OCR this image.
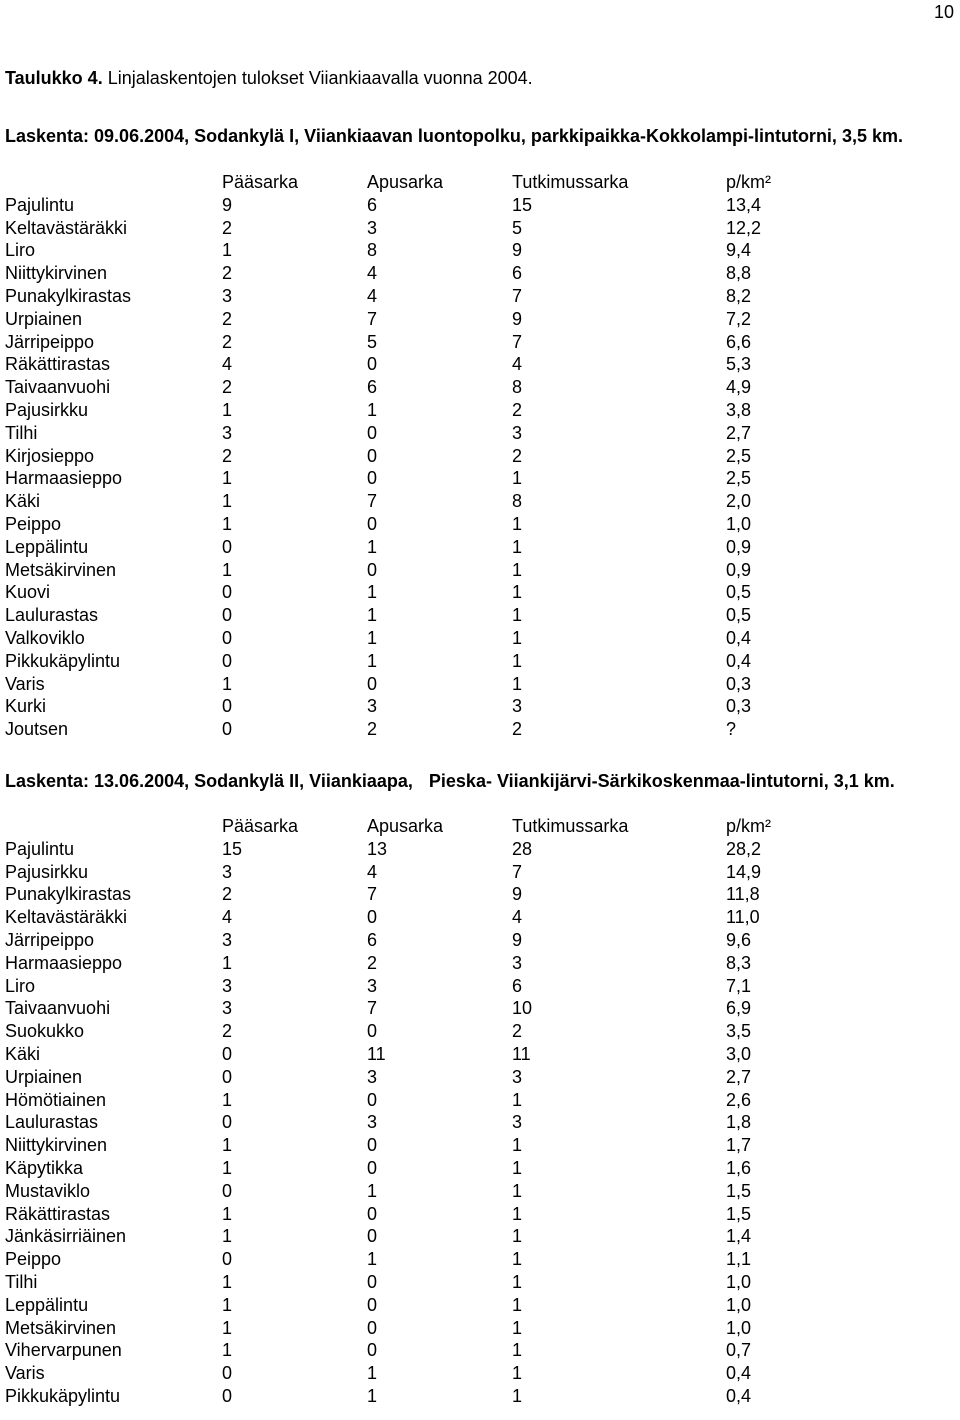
10
Taulukko 4. Linjalaskentojen tulokset Viiankiaavalla vuonna 2004.
Laskenta: 09.06.2004, Sodankylä I, Viiankiaavan luontopolku, parkkipaikka-Kokkolampi-lintutorni, 3,5 km.
	Pääsarka	Apusarka	Tutkimussarka	p/km²
Pajulintu	9	6	15	13,4
Keltavästäräkki	2	3	5	12,2
Liro	1	8	9	9,4
Niittykirvinen	2	4	6	8,8
Punakylkirastas	3	4	7	8,2
Urpiainen	2	7	9	7,2
Järripeippo	2	5	7	6,6
Räkättirastas	4	0	4	5,3
Taivaanvuohi	2	6	8	4,9
Pajusirkku	1	1	2	3,8
Tilhi	3	0	3	2,7
Kirjosieppo	2	0	2	2,5
Harmaasieppo	1	0	1	2,5
Käki	1	7	8	2,0
Peippo	1	0	1	1,0
Leppälintu	0	1	1	0,9
Metsäkirvinen	1	0	1	0,9
Kuovi	0	1	1	0,5
Laulurastas	0	1	1	0,5
Valkoviklo	0	1	1	0,4
Pikkukäpylintu	0	1	1	0,4
Varis	1	0	1	0,3
Kurki	0	3	3	0,3
Joutsen	0	2	2	?
Laskenta: 13.06.2004, Sodankylä II, Viiankiaapa, Pieska- Viiankijärvi-Särkikoskenmaa-lintutorni, 3,1 km.
	Pääsarka	Apusarka	Tutkimussarka	p/km²
Pajulintu	15	13	28	28,2
Pajusirkku	3	4	7	14,9
Punakylkirastas	2	7	9	11,8
Keltavästäräkki	4	0	4	11,0
Järripeippo	3	6	9	9,6
Harmaasieppo	1	2	3	8,3
Liro	3	3	6	7,1
Taivaanvuohi	3	7	10	6,9
Suokukko	2	0	2	3,5
Käki	0	11	11	3,0
Urpiainen	0	3	3	2,7
Hömötiainen	1	0	1	2,6
Laulurastas	0	3	3	1,8
Niittykirvinen	1	0	1	1,7
Käpytikka	1	0	1	1,6
Mustaviklo	0	1	1	1,5
Räkättirastas	1	0	1	1,5
Jänkäsirriäinen	1	0	1	1,4
Peippo	0	1	1	1,1
Tilhi	1	0	1	1,0
Leppälintu	1	0	1	1,0
Metsäkirvinen	1	0	1	1,0
Vihervarpunen	1	0	1	0,7
Varis	0	1	1	0,4
Pikkukäpylintu	0	1	1	0,4
